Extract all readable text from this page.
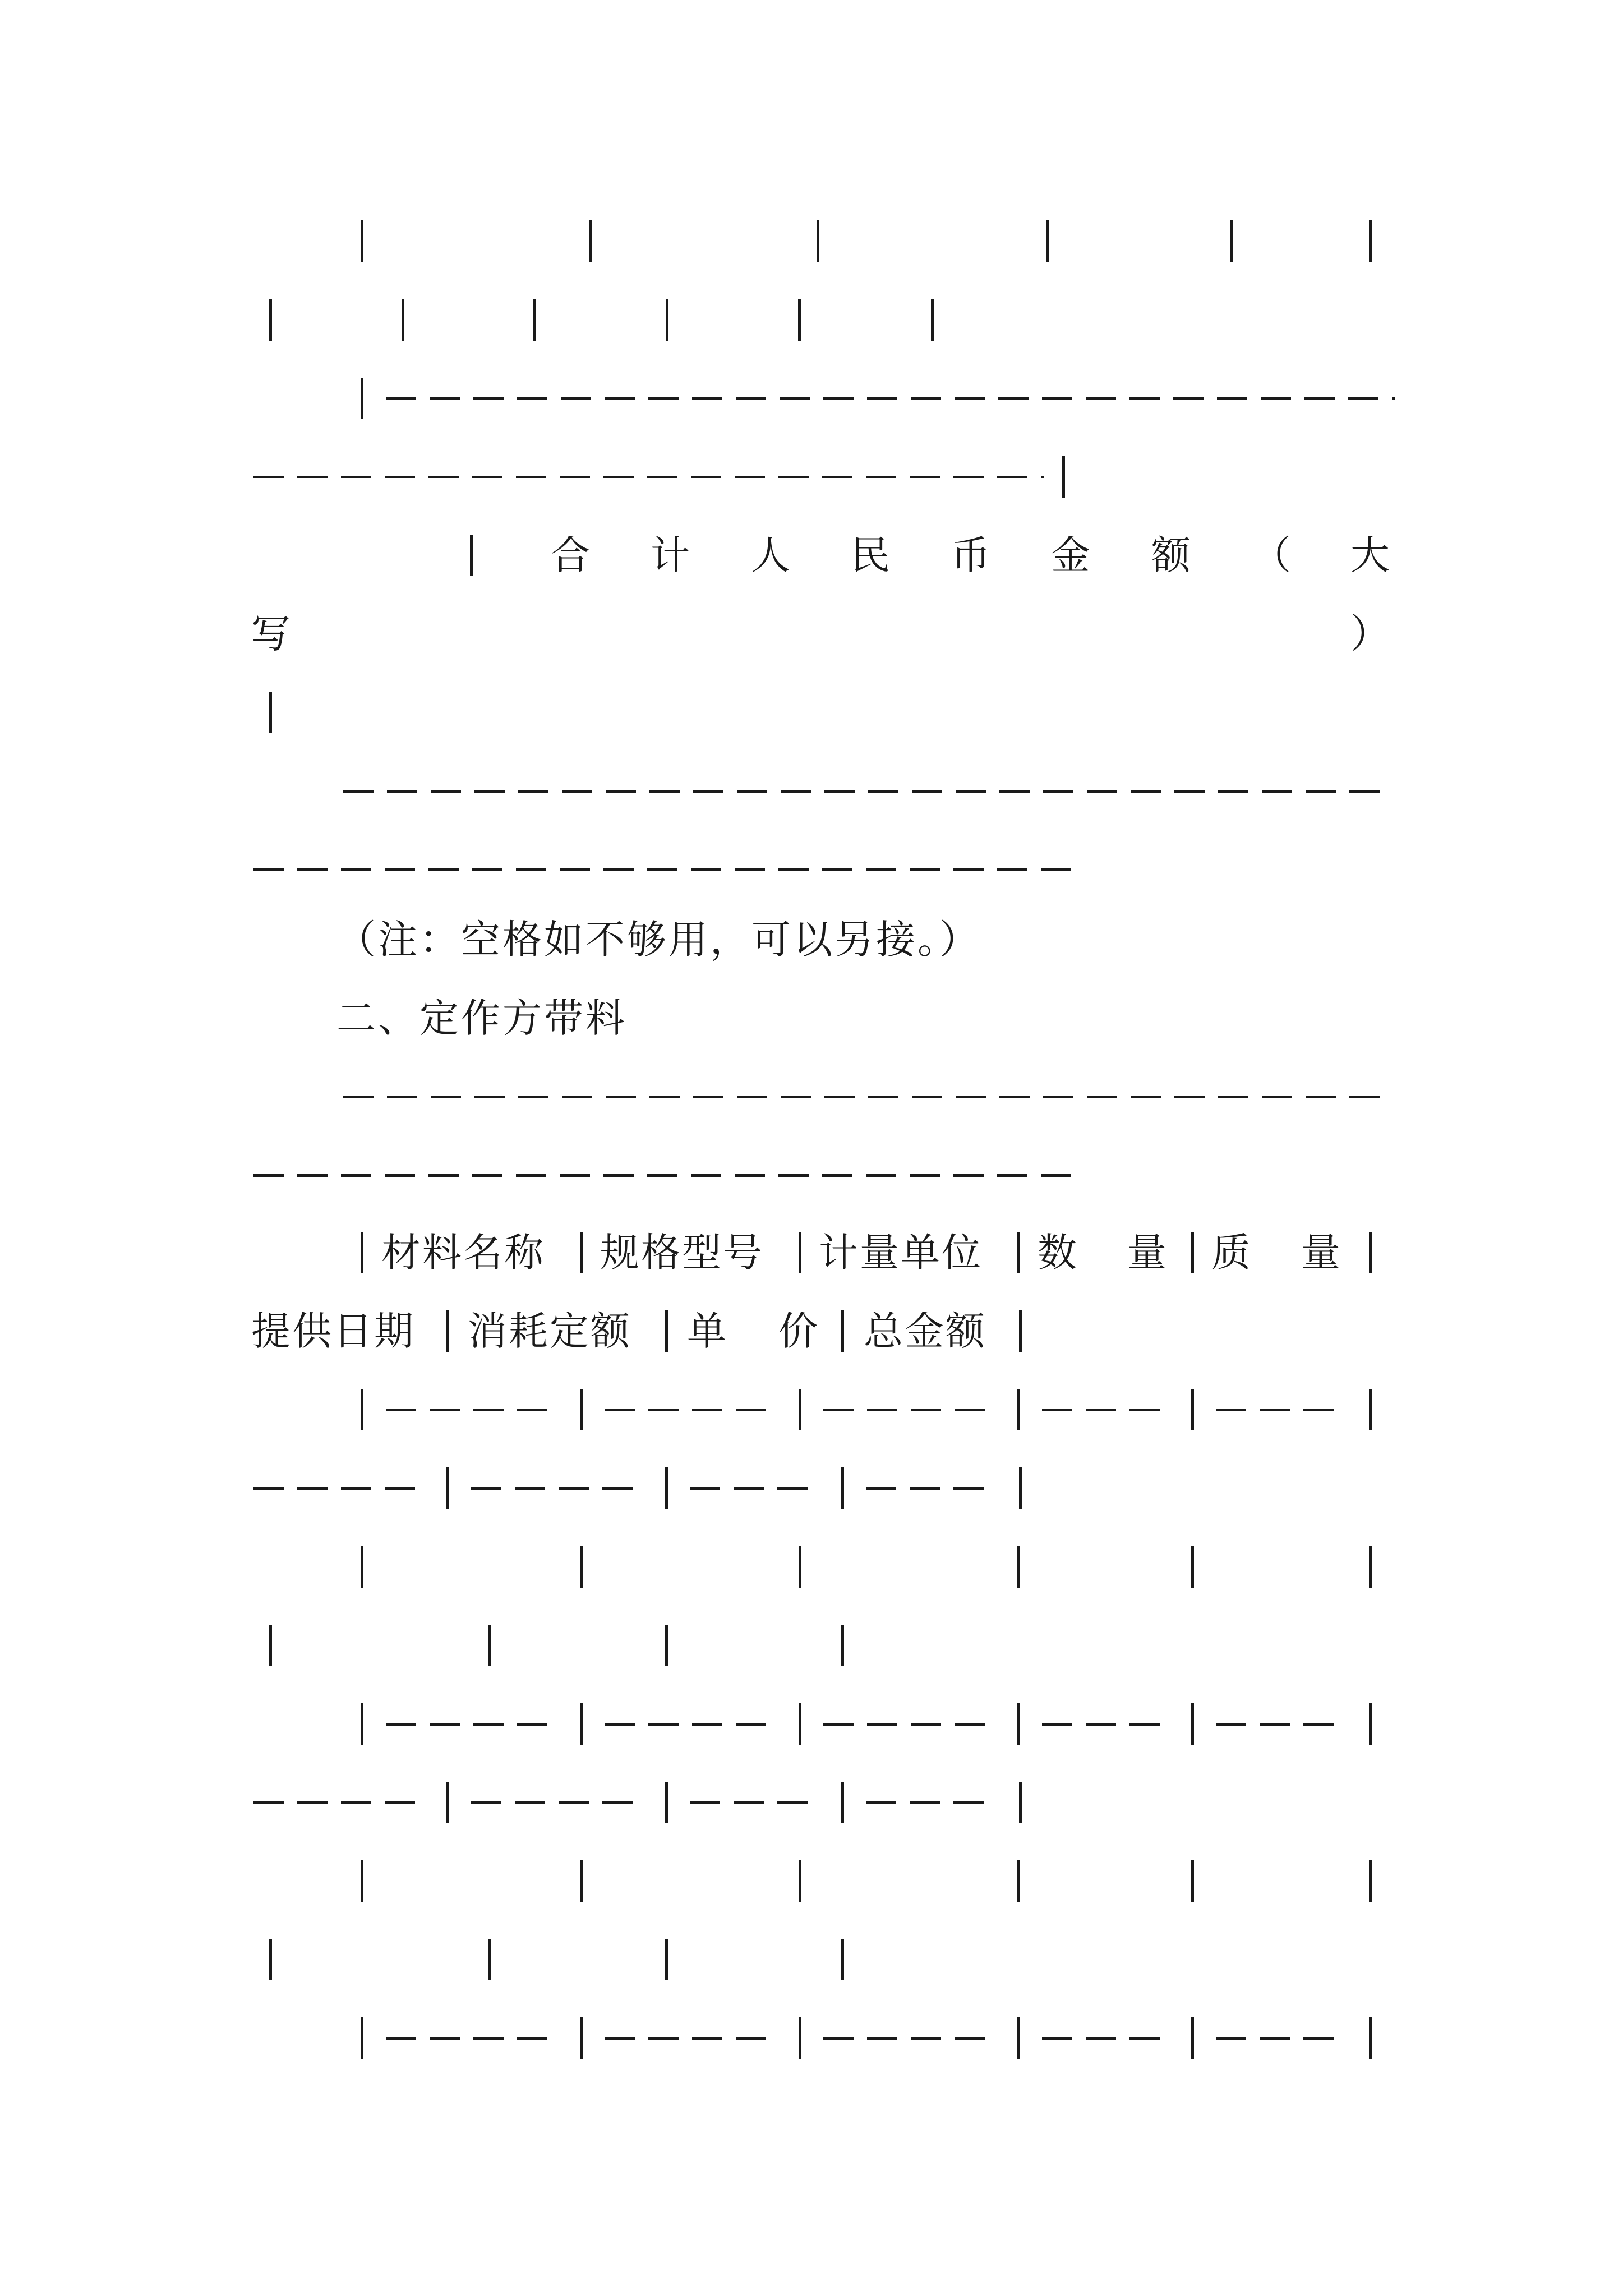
合 计 人 民 币 金 额 （ 大
写	）
（注：空格如不够用，可以另接。）
二、定作方带料
材料名称 规格型号 计量单位 数 量 质 量
提供日期 消耗定额 单 价 总金额
